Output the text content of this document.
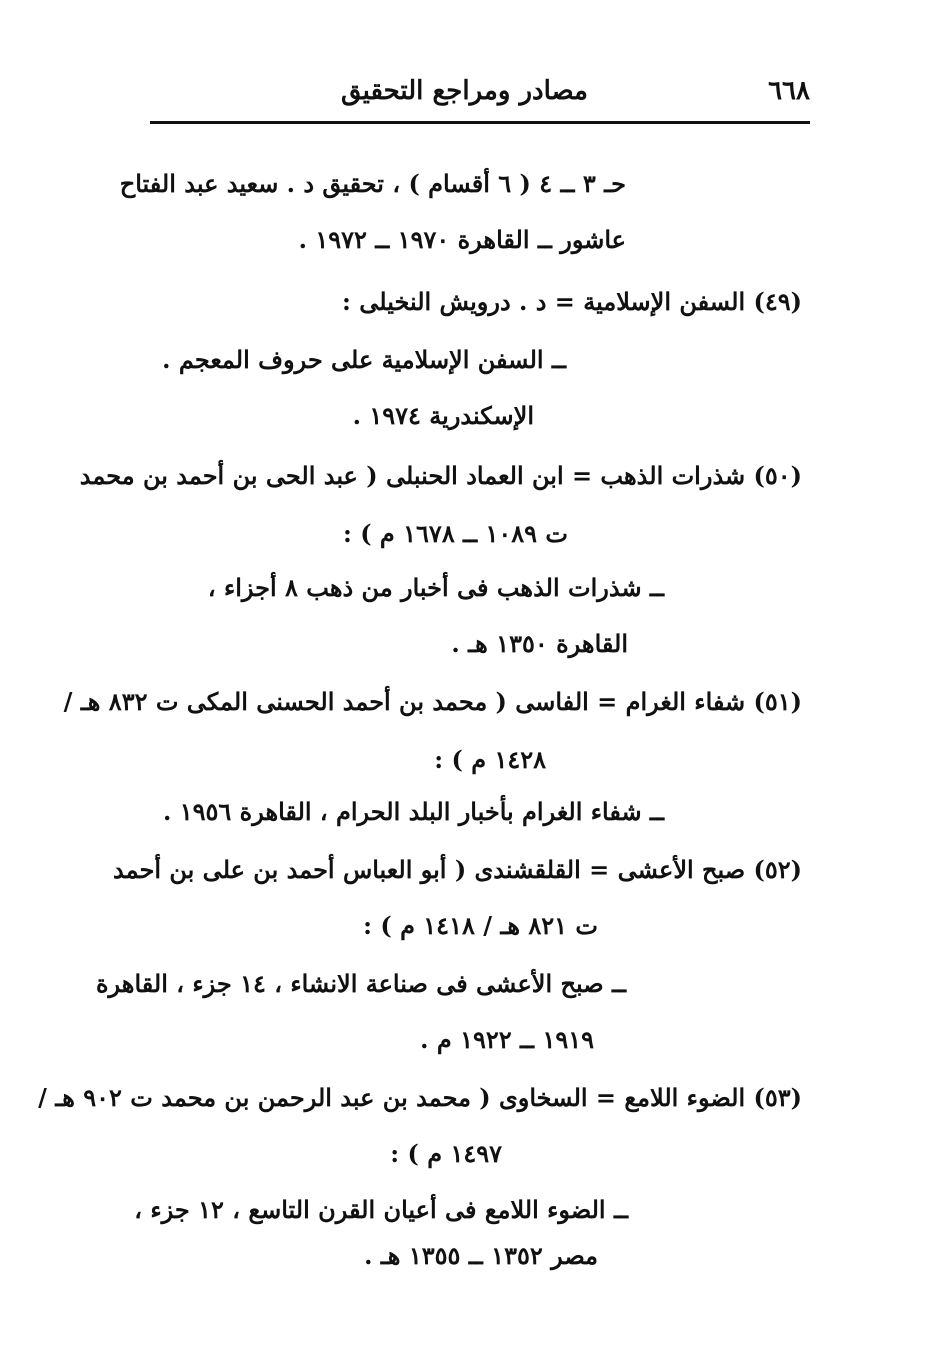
٦٦٨
مصادر ومراجع التحقيق
حـ ٣ ــ ٤ ( ٦ أقسام ) ، تحقيق د . سعيد عبد الفتاح
عاشور ــ القاهرة ١٩٧٠ ــ ١٩٧٢ .
(٤٩) السفن الإسلامية = د . درويش النخيلى :
ــ السفن الإسلامية على حروف المعجم .
الإسكندرية ١٩٧٤ .
(٥٠) شذرات الذهب = ابن العماد الحنبلى ( عبد الحى بن أحمد بن محمد
ت ١٠٨٩ ــ ١٦٧٨ م ) :
ــ شذرات الذهب فى أخبار من ذهب ٨ أجزاء ،
القاهرة ١٣٥٠ هـ .
(٥١) شفاء الغرام = الفاسى ( محمد بن أحمد الحسنى المكى ت ٨٣٢ هـ /
١٤٢٨ م ) :
ــ شفاء الغرام بأخبار البلد الحرام ، القاهرة ١٩٥٦ .
(٥٢) صبح الأعشى = القلقشندى ( أبو العباس أحمد بن على بن أحمد
ت ٨٢١ هـ / ١٤١٨ م ) :
ــ صبح الأعشى فى صناعة الانشاء ، ١٤ جزء ، القاهرة
١٩١٩ ــ ١٩٢٢ م .
(٥٣) الضوء اللامع = السخاوى ( محمد بن عبد الرحمن بن محمد ت ٩٠٢ هـ /
١٤٩٧ م ) :
ــ الضوء اللامع فى أعيان القرن التاسع ، ١٢ جزء ،
مصر ١٣٥٢ ــ ١٣٥٥ هـ .
